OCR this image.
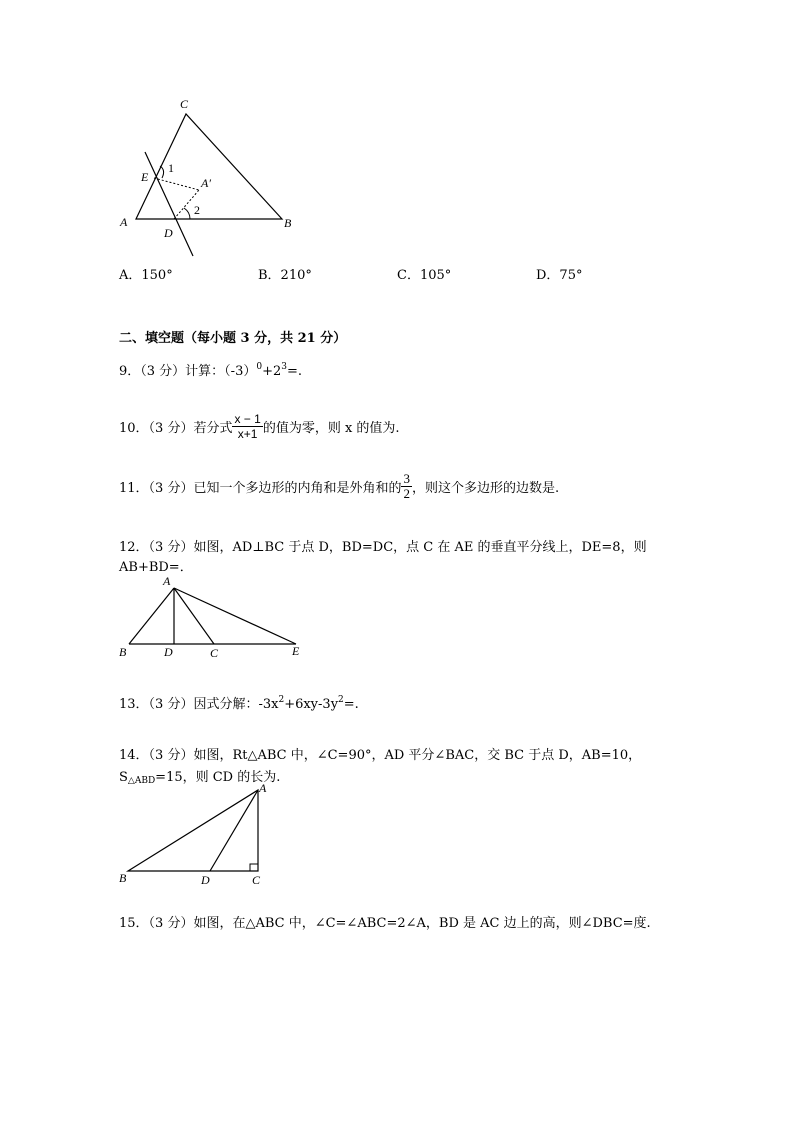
C
E
1
A′
2
A
D
B
A．150°	B．210°	C．105°	D．75°
二、填空题（每小题 3 分，共 21 分）
9．（3 分）计算：$(-3)^0+2^3=$.
10．（3 分）若分式 $\frac{x - 1}{x+1}$ 的值为零，则 x 的值为.
11．（3 分）已知一个多边形的内角和是外角和的 $\frac{3}{2}$ ，则这个多边形的边数是.
12．（3 分）如图，AD⊥BC 于点 D，BD=DC，点 C 在 AE 的垂直平分线上，DE=8，则
AB+BD=．
A
B	D	C	E
13．（3 分）因式分解：$-3x^2+6xy-3y^2=$.
14．（3 分）如图，Rt△ABC 中，∠C=90°，AD 平分∠BAC，交 BC 于点 D，AB=10，
$S_{\triangle ABD}=15$，则 CD 的长为.
A
B	D	C
15．（3 分）如图，在△ABC 中，∠C=∠ABC=2∠A，BD 是 AC 边上的高，则∠DBC=度.
